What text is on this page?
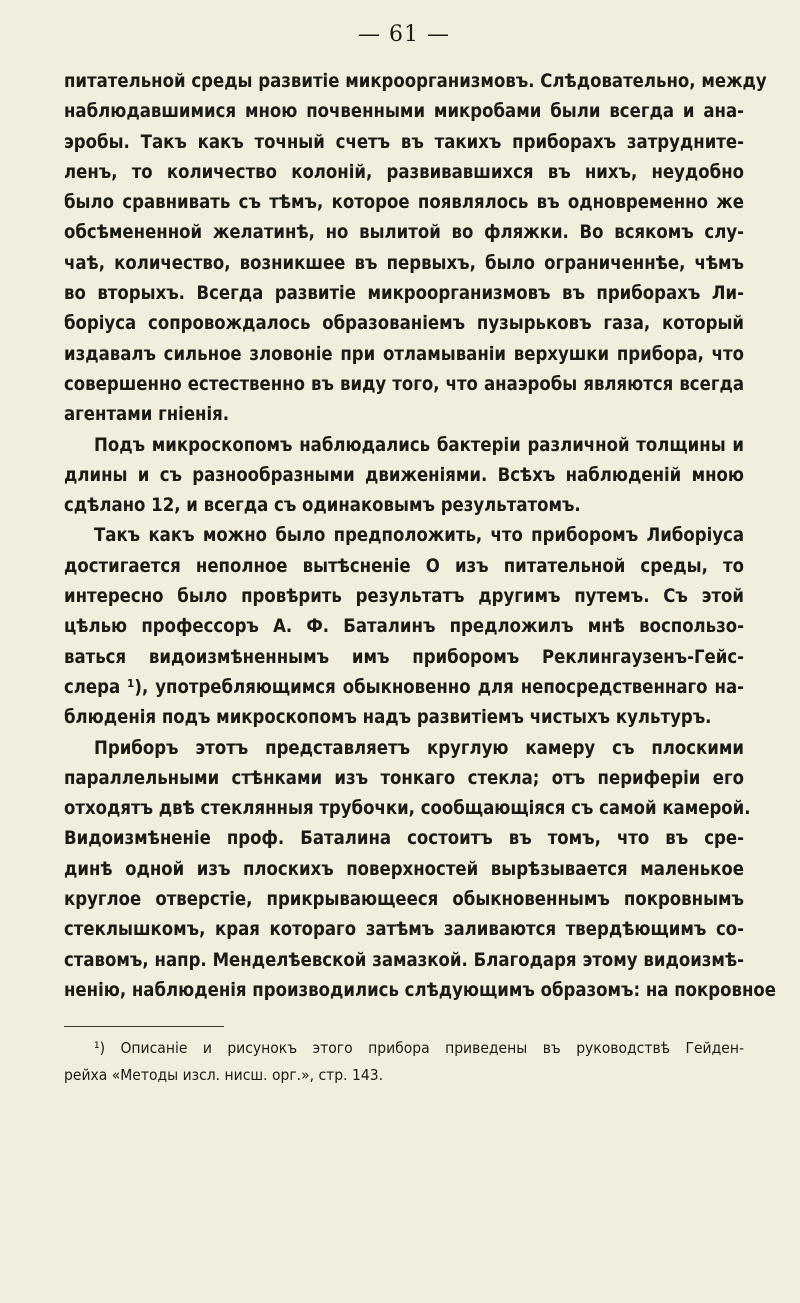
— 61 —
питательной среды развитіе микроорганизмовъ. Слѣдовательно, между
наблюдавшимися мною почвенными микробами были всегда и ана-
эробы. Такъ какъ точный счетъ въ такихъ приборахъ затрудните-
ленъ, то количество колоній, развивавшихся въ нихъ, неудобно
было сравнивать съ тѣмъ, которое появлялось въ одновременно же
обсѣмененной желатинѣ, но вылитой во фляжки. Во всякомъ слу-
чаѣ, количество, возникшее въ первыхъ, было ограниченнѣе, чѣмъ
во вторыхъ. Всегда развитіе микроорганизмовъ въ приборахъ Ли-
боріуса сопровождалось образованіемъ пузырьковъ газа, который
издавалъ сильное зловоніе при отламываніи верхушки прибора, что
совершенно естественно въ виду того, что анаэробы являются всегда
агентами гніенія.
Подъ микроскопомъ наблюдались бактеріи различной толщины и
длины и съ разнообразными движеніями. Всѣхъ наблюденій мною
сдѣлано 12, и всегда съ одинаковымъ результатомъ.
Такъ какъ можно было предположить, что приборомъ Либоріуса
достигается неполное вытѣсненіе O изъ питательной среды, то
интересно было провѣрить результатъ другимъ путемъ. Съ этой
цѣлью профессоръ А. Ф. Баталинъ предложилъ мнѣ воспользо-
ваться видоизмѣненнымъ имъ приборомъ Реклингаузенъ-Гейс-
слера ¹), употребляющимся обыкновенно для непосредственнаго на-
блюденія подъ микроскопомъ надъ развитіемъ чистыхъ культуръ.
Приборъ этотъ представляетъ круглую камеру съ плоскими
параллельными стѣнками изъ тонкаго стекла; отъ периферіи его
отходятъ двѣ стеклянныя трубочки, сообщающіяся съ самой камерой.
Видоизмѣненіе проф. Баталина состоитъ въ томъ, что въ сре-
динѣ одной изъ плоскихъ поверхностей вырѣзывается маленькое
круглое отверстіе, прикрывающееся обыкновеннымъ покровнымъ
стеклышкомъ, края котораго затѣмъ заливаются твердѣющимъ со-
ставомъ, напр. Менделѣевской замазкой. Благодаря этому видоизмѣ-
ненію, наблюденія производились слѣдующимъ образомъ: на покровное
¹) Описаніе и рисунокъ этого прибора приведены въ руководствѣ Гейден-
рейха «Методы изсл. нисш. орг.», стр. 143.
